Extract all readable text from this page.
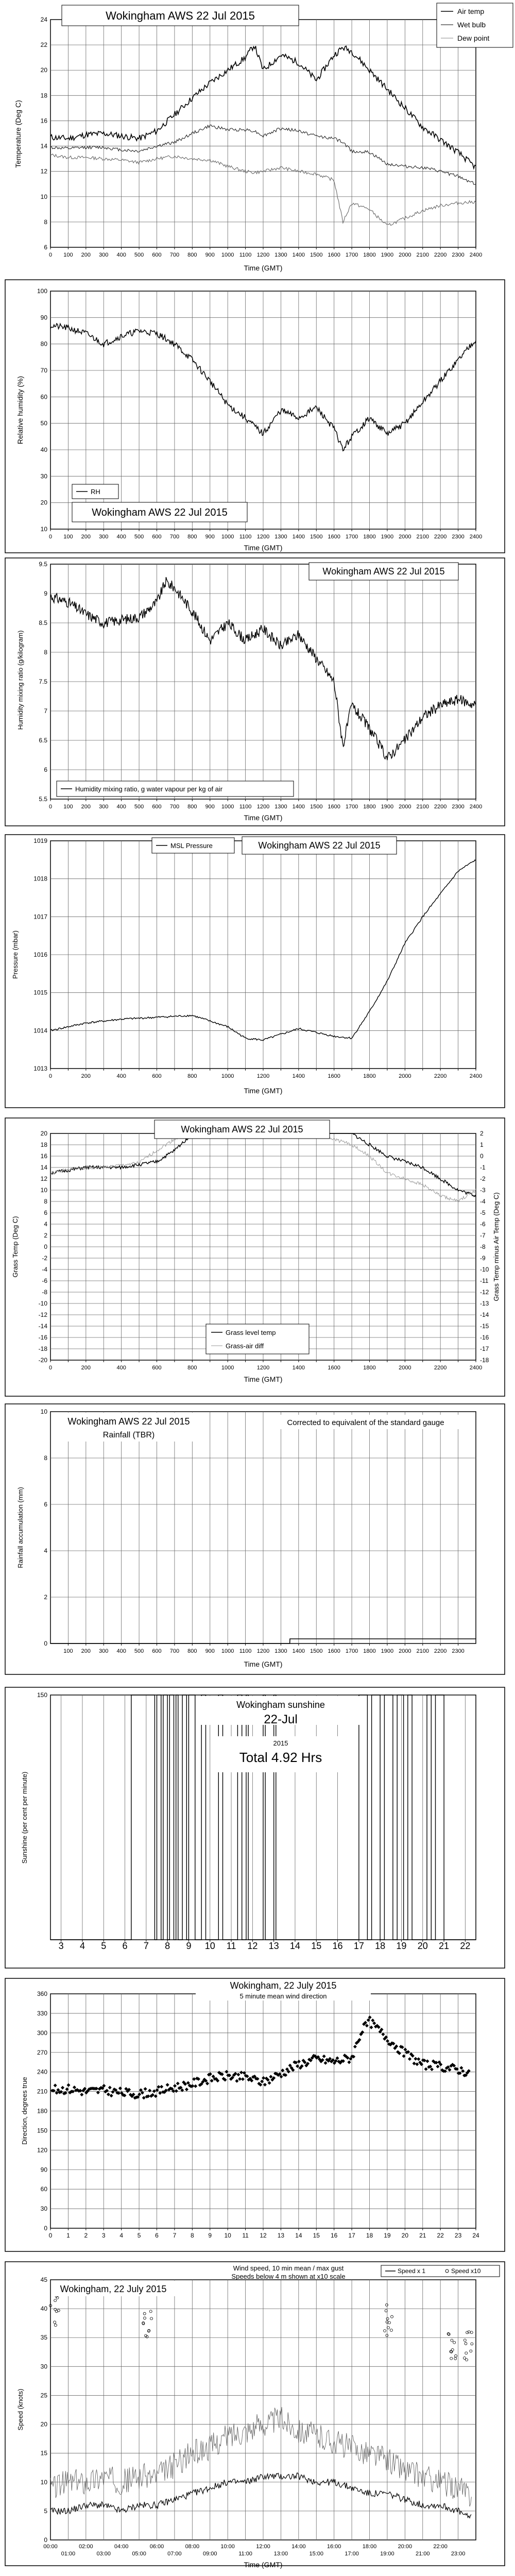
0 100 200 300 400 500 600 700 800 900 1000 1100 1200 1300 1400 1500 1600 1700 1800 1900 2000 2100 2200 2300 2400
6
8
10
12
14
16
18
20
22
24	Wokingham AWS 22 Jul 2015	Air temp
Wet bulb
Dew point
Temperature (Deg C)
Time (GMT)
0 100 200 300 400 500 600 700 800 900 1000 1100 1200 1300 1400 1500 1600 1700 1800 1900 2000 2100 2200 2300 2400
10
20
30
40
50
60
70
80
90
100
RH
Wokingham AWS 22 Jul 2015
Relative humidity (%)
Time (GMT)
0 100 200 300 400 500 600 700 800 900 1000 1100 1200 1300 1400 1500 1600 1700 1800 1900 2000 2100 2200 2300 2400
5.5
6
6.5
7
7.5
8
8.5
9
9.5
Wokingham AWS 22 Jul 2015
Humidity mixing ratio, g water vapour per kg of air
Humidity mixing ratio (g/kilogram)
Time (GMT)
0	200	400	600	800	1000	1200	1400	1600	1800	2000	2200	2400
1013
1014
1015
1016
1017
1018
1019
MSL Pressure	Wokingham AWS 22 Jul 2015
Pressure (mbar)
Time (GMT)
0	200	400	600	800	1000	1200	1400	1600	1800	2000	2200	2400
-20
-18
-16
-14
-12
-10
-8
-6
-4
-2
0
2
4
6
8
10
12
14
16
18
20
-18
-17
-16
-15
-14
-13
-12
-11
-10
-9
-8
-7
-6
-5
-4
-3
-2
-1
0
1
2
Wokingham AWS 22 Jul 2015
Grass level temp
Grass-air diff
Grass Temp (Deg C)	Grass Temp minus Air Temp (Deg C)
Time (GMT)
100 200 300 400 500 600 700 800 900 1000 1100 1200 1300 1400 1500 1600 1700 1800 1900 2000 2100 2200 2300
0
2
4
6
8
10
Wokingham AWS 22 Jul 2015
Rainfall (TBR)
Corrected to equivalent of the standard gauge
Rainfall accumulation (mm)
Time (GMT)
3 4 5 6 7 8 9 10 11 12 13 14 15 16 17 18 19 20 21 22
150
Wokingham sunshine
22-Jul
2015
Total 4.92 Hrs
Sunshine (per cent per minute)
0 1 2 3 4 5 6 7 8 9 10 11 12 13 14 15 16 17 18 19 20 21 22 23 24
0
30
60
90
120
150
180
210
240
270
300
330
360
Wokingham, 22 July 2015
5 minute mean wind direction
Direction, degrees true
00:00	02:00	04:00	06:00	08:00	10:00	12:00	14:00	16:00	18:00	20:00	22:00
01:00	03:00	05:00	07:00	09:00	11:00	13:00	15:00	17:00	19:00	21:00	23:00
0
5
10
15
20
25
30
35
40
45
Wokingham, 22 July 2015
Wind speed, 10 min mean / max gust
Speeds below 4 m shown at x10 scale
Speed x 1	Speed x10
Speed (knots)
Time (GMT)
